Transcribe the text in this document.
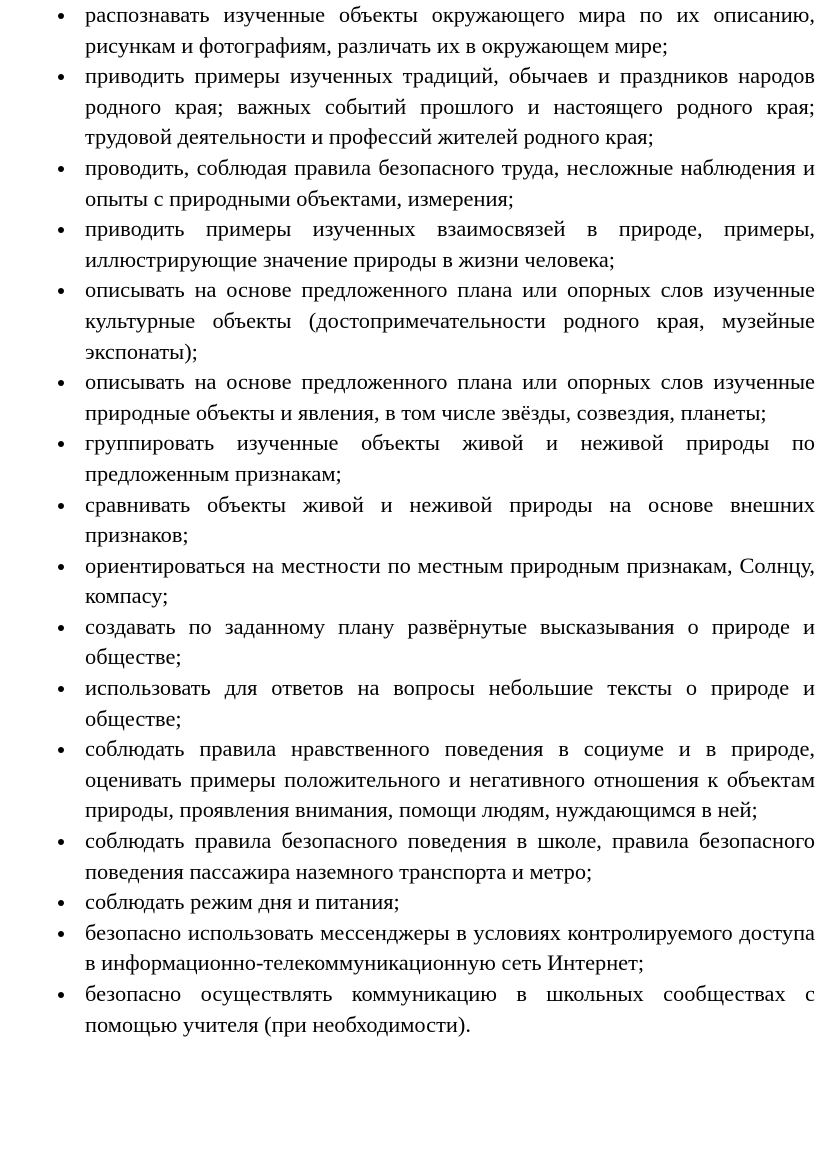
распознавать изученные объекты окружающего мира по их описанию, рисункам и фотографиям, различать их в окружающем мире;
приводить примеры изученных традиций, обычаев и праздников народов родного края; важных событий прошлого и настоящего родного края; трудовой деятельности и профессий жителей родного края;
проводить, соблюдая правила безопасного труда, несложные наблюдения и опыты с природными объектами, измерения;
приводить примеры изученных взаимосвязей в природе, примеры, иллюстрирующие значение природы в жизни человека;
описывать на основе предложенного плана или опорных слов изученные культурные объекты (достопримечательности родного края, музейные экспонаты);
описывать на основе предложенного плана или опорных слов изученные природные объекты и явления, в том числе звёзды, созвездия, планеты;
группировать изученные объекты живой и неживой природы по предложенным признакам;
сравнивать объекты живой и неживой природы на основе внешних признаков;
ориентироваться на местности по местным природным признакам, Солнцу, компасу;
создавать по заданному плану развёрнутые высказывания о природе и обществе;
использовать для ответов на вопросы небольшие тексты о природе и обществе;
соблюдать правила нравственного поведения в социуме и в природе, оценивать примеры положительного и негативного отношения к объектам природы, проявления внимания, помощи людям, нуждающимся в ней;
соблюдать правила безопасного поведения в школе, правила безопасного поведения пассажира наземного транспорта и метро;
соблюдать режим дня и питания;
безопасно использовать мессенджеры в условиях контролируемого доступа в информационно-телекоммуникационную сеть Интернет;
безопасно осуществлять коммуникацию в школьных сообществах с помощью учителя (при необходимости).
